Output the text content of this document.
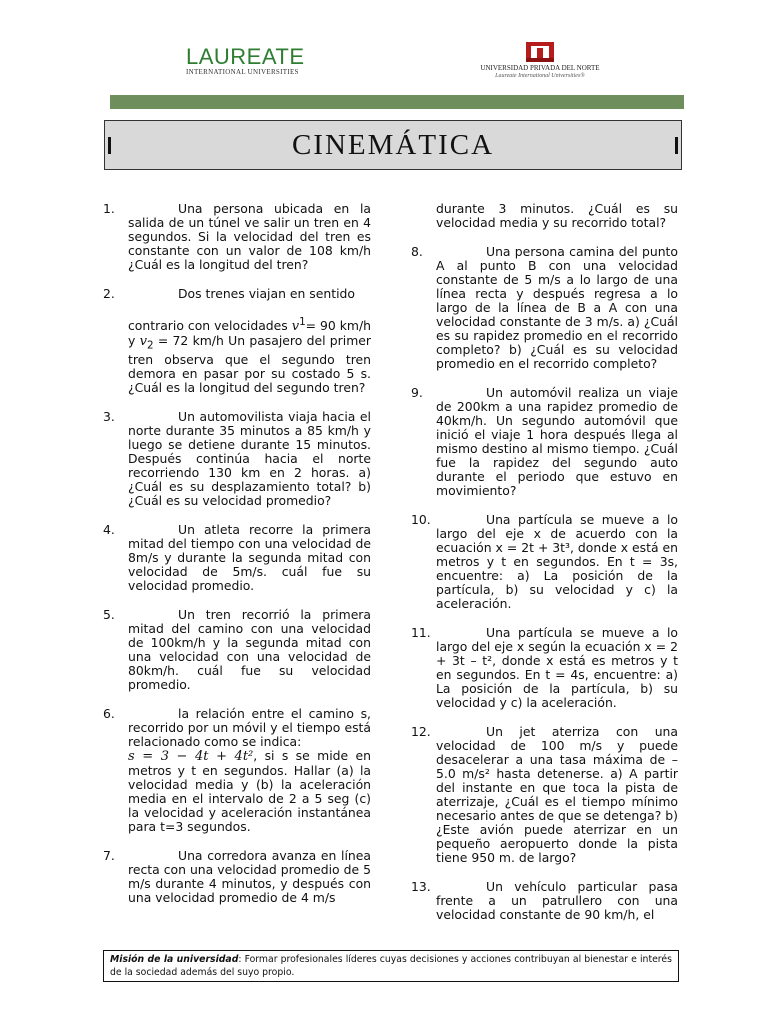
LAUREATE
INTERNATIONAL UNIVERSITIES	UNIVERSIDAD PRIVADA DEL NORTE
Laureate International Universities®
CINEMÁTICA
1.	Una persona ubicada en la salida de un túnel ve salir un tren en 4 segundos. Si la velocidad del tren es constante con un valor de 108 km/h ¿Cuál es la longitud del tren?
2.	Dos trenes viajan en sentido
contrario con velocidades $v^1= 90$ km/h y $v_2 = 72$ km/h Un pasajero del primer tren observa que el segundo tren demora en pasar por su costado 5 s. ¿Cuál es la longitud del segundo tren?
3.	Un automovilista viaja hacia el norte durante 35 minutos a 85 km/h y luego se detiene durante 15 minutos. Después continúa hacia el norte recorriendo 130 km en 2 horas. a) ¿Cuál es su desplazamiento total? b) ¿Cuál es su velocidad promedio?
4.	Un atleta recorre la primera mitad del tiempo con una velocidad de 8m/s y durante la segunda mitad con velocidad de 5m/s. cuál fue su velocidad promedio.
5.	Un tren recorrió la primera mitad del camino con una velocidad de 100km/h y la segunda mitad con una velocidad con una velocidad de 80km/h. cuál fue su velocidad promedio.
6.	la relación entre el camino s, recorrido por un móvil y el tiempo está relacionado como se indica:
s = 3 − 4t + 4t², si s se mide en metros y t en segundos. Hallar (a) la velocidad media y (b) la aceleración media en el intervalo de 2 a 5 seg (c) la velocidad y aceleración instantánea para t=3 segundos.
7.	Una corredora avanza en línea recta con una velocidad promedio de 5 m/s durante 4 minutos, y después con una velocidad promedio de 4 m/s
durante 3 minutos. ¿Cuál es su velocidad media y su recorrido total?
8.	Una persona camina del punto A al punto B con una velocidad constante de 5 m/s a lo largo de una línea recta y después regresa a lo largo de la línea de B a A con una velocidad constante de 3 m/s. a) ¿Cuál es su rapidez promedio en el recorrido completo? b) ¿Cuál es su velocidad promedio en el recorrido completo?
9.	Un automóvil realiza un viaje de 200km a una rapidez promedio de 40km/h. Un segundo automóvil que inició el viaje 1 hora después llega al mismo destino al mismo tiempo. ¿Cuál fue la rapidez del segundo auto durante el periodo que estuvo en movimiento?
10.	Una partícula se mueve a lo largo del eje x de acuerdo con la ecuación x = 2t + 3t³, donde x está en metros y t en segundos. En t = 3s, encuentre: a) La posición de la partícula, b) su velocidad y c) la aceleración.
11.	Una partícula se mueve a lo largo del eje x según la ecuación x = 2 + 3t – t², donde x está es metros y t en segundos. En t = 4s, encuentre: a) La posición de la partícula, b) su velocidad y c) la aceleración.
12.	Un jet aterriza con una velocidad de 100 m/s y puede desacelerar a una tasa máxima de –5.0 m/s² hasta detenerse. a) A partir del instante en que toca la pista de aterrizaje, ¿Cuál es el tiempo mínimo necesario antes de que se detenga? b) ¿Este avión puede aterrizar en un pequeño aeropuerto donde la pista tiene 950 m. de largo?
13.	Un vehículo particular pasa frente a un patrullero con una velocidad constante de 90 km/h, el
Misión de la universidad: Formar profesionales líderes cuyas decisiones y acciones contribuyan al bienestar e interés de la sociedad además del suyo propio.
